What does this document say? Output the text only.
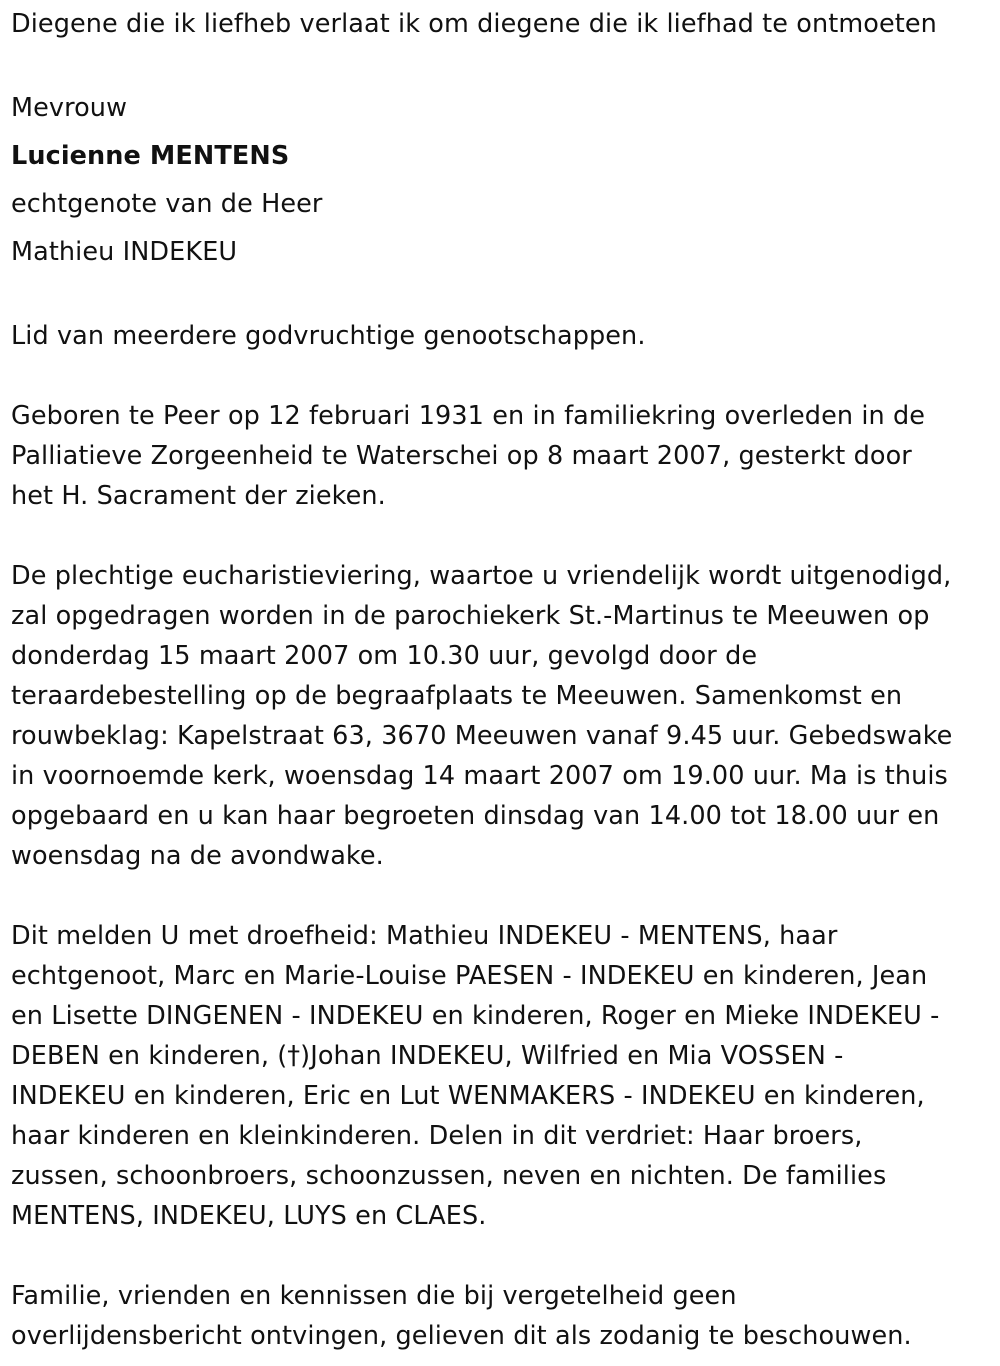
Diegene die ik liefheb verlaat ik om diegene die ik liefhad te ontmoeten

Mevrouw

Lucienne MENTENS

echtgenote van de Heer

Mathieu INDEKEU

Lid van meerdere godvruchtige genootschappen.

Geboren te Peer op 12 februari 1931 en in familiekring overleden in de
Palliatieve Zorgeenheid te Waterschei op 8 maart 2007, gesterkt door
het H. Sacrament der zieken.

De plechtige eucharistieviering, waartoe u vriendelijk wordt uitgenodigd,
zal opgedragen worden in de parochiekerk St.-Martinus te Meeuwen op
donderdag 15 maart 2007 om 10.30 uur, gevolgd door de
teraardebestelling op de begraafplaats te Meeuwen. Samenkomst en
rouwbeklag: Kapelstraat 63, 3670 Meeuwen vanaf 9.45 uur. Gebedswake
in voornoemde kerk, woensdag 14 maart 2007 om 19.00 uur. Ma is thuis
opgebaard en u kan haar begroeten dinsdag van 14.00 tot 18.00 uur en
woensdag na de avondwake.

Dit melden U met droefheid: Mathieu INDEKEU - MENTENS, haar
echtgenoot, Marc en Marie-Louise PAESEN - INDEKEU en kinderen, Jean
en Lisette DINGENEN - INDEKEU en kinderen, Roger en Mieke INDEKEU -
DEBEN en kinderen, (†)Johan INDEKEU, Wilfried en Mia VOSSEN -
INDEKEU en kinderen, Eric en Lut WENMAKERS - INDEKEU en kinderen,
haar kinderen en kleinkinderen. Delen in dit verdriet: Haar broers,
zussen, schoonbroers, schoonzussen, neven en nichten. De families
MENTENS, INDEKEU, LUYS en CLAES.

Familie, vrienden en kennissen die bij vergetelheid geen
overlijdensbericht ontvingen, gelieven dit als zodanig te beschouwen.
